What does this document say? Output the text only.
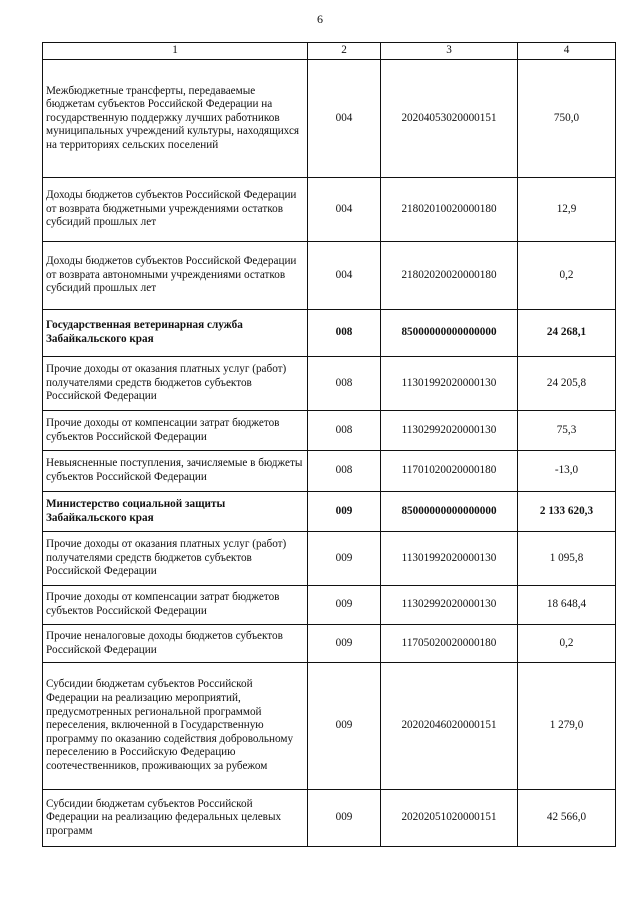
6
1	2	3	4
Межбюджетные трансферты, передаваемые бюджетам субъектов Российской Федерации на государственную поддержку лучших работников муниципальных учреждений культуры, находящихся на территориях сельских поселений	004	20204053020000151	750,0
Доходы бюджетов субъектов Российской Федерации от возврата бюджетными учреждениями остатков субсидий прошлых лет	004	21802010020000180	12,9
Доходы бюджетов субъектов Российской Федерации от возврата автономными учреждениями остатков субсидий прошлых лет	004	21802020020000180	0,2
Государственная ветеринарная служба Забайкальского края	008	85000000000000000	24 268,1
Прочие доходы от оказания платных услуг (работ) получателями средств бюджетов субъектов Российской Федерации	008	11301992020000130	24 205,8
Прочие доходы от компенсации затрат бюджетов субъектов Российской Федерации	008	11302992020000130	75,3
Невыясненные поступления, зачисляемые в бюджеты субъектов Российской Федерации	008	11701020020000180	-13,0
Министерство социальной защиты Забайкальского края	009	85000000000000000	2 133 620,3
Прочие доходы от оказания платных услуг (работ) получателями средств бюджетов субъектов Российской Федерации	009	11301992020000130	1 095,8
Прочие доходы от компенсации затрат бюджетов субъектов Российской Федерации	009	11302992020000130	18 648,4
Прочие неналоговые доходы бюджетов субъектов Российской Федерации	009	11705020020000180	0,2
Субсидии бюджетам субъектов Российской Федерации на реализацию мероприятий, предусмотренных региональной программой переселения, включенной в Государственную программу по оказанию содействия добровольному переселению в Российскую Федерацию соотечественников, проживающих за рубежом	009	20202046020000151	1 279,0
Субсидии бюджетам субъектов Российской Федерации на реализацию федеральных целевых программ	009	20202051020000151	42 566,0
